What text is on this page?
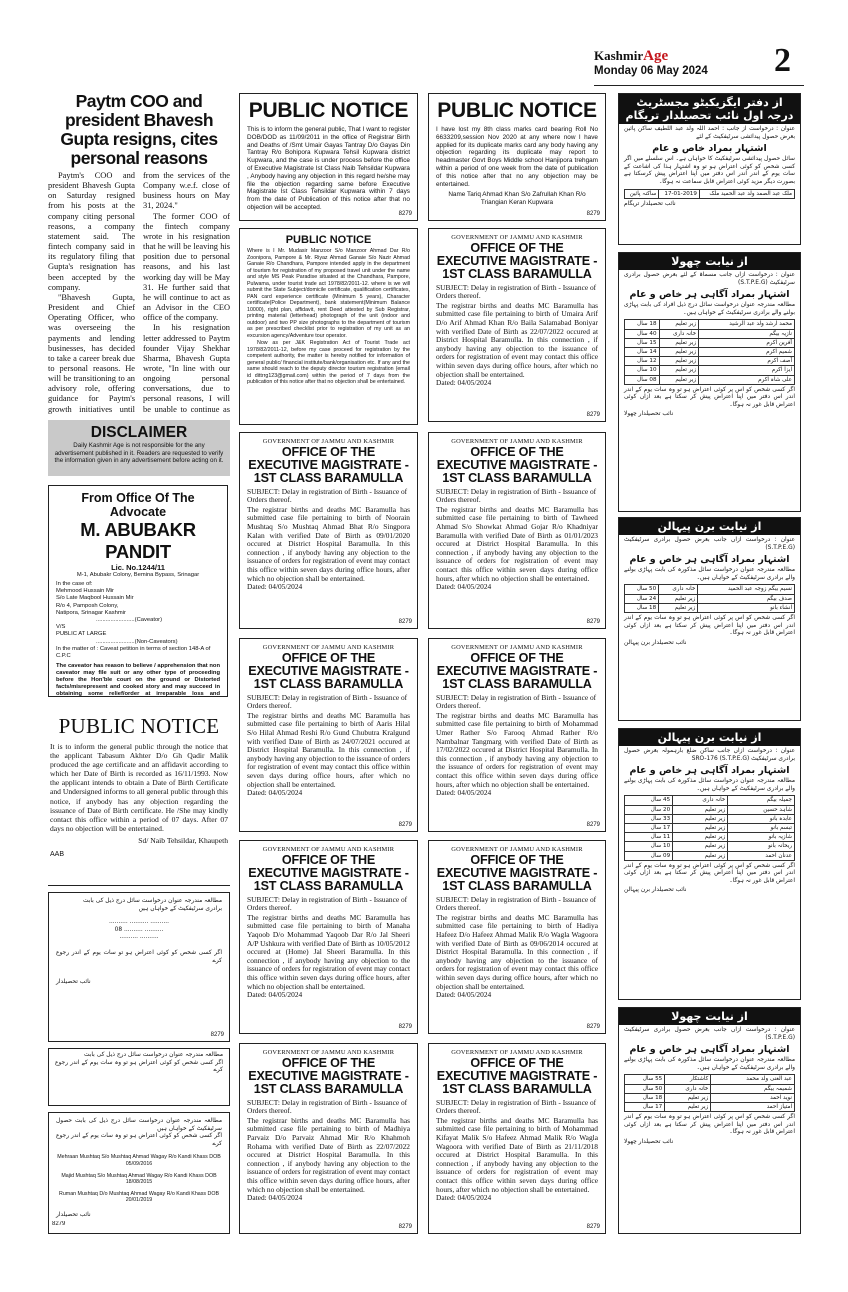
KashmirAge
Monday 06 May 2024	2
Paytm COO and president Bhavesh Gupta resigns, cites personal reasons

Paytm's COO and president Bhavesh Gupta on Saturday resigned from his posts at the company citing personal reasons, a company statement said. The fintech company said in its regulatory filing that Gupta's resignation has been accepted by the company.

"Bhavesh Gupta, President and Chief Operating Officer, who was overseeing the payments and lending businesses, has decided to take a career break due to personal reasons. He will be transitioning to an advisory role, offering guidance for Paytm's growth initiatives until

from the services of the Company w.e.f. close of business hours on May 31, 2024."

The former COO of the fintech company wrote in his resignation that he will be leaving his position due to personal reasons, and his last working day will be May 31. He further said that he will continue to act as an Advisor in the CEO office of the company.

In his resignation letter addressed to Paytm founder Vijay Shekhar Sharma, Bhavesh Gupta wrote, "In line with our ongoing personal conversations, due to personal reasons, I will be unable to continue as

DISCLAIMER

Daily Kashmir Age is not responsible for the any advertisement published in it. Readers are requested to verify the information given in any advertisement before acting on it.

From Office Of The Advocate

M. ABUBAKR PANDIT

Lic. No.1244/11

M-1, Abubakr Colony, Bemina Bypass, Srinagar

In the case of:

Mehmood Hussain Mir

S/o Late Maqbool Hussain Mir

R/o 4, Pamposh Colony,

Natipora, Srinagar Kashmir

........................(Caveator)

V/S

PUBLIC AT LARGE

........................(Non-Caveators)

In the matter of : Caveat petition in terms of section 148-A of C.P.C

The caveator has reason to believe / apprehension that non caveator may file suit or any other type of proceeding before the Hon'ble court on the ground or Distorted facts/misrepresent and cooked story and may succeed in obtaining some relief/order at irreparable loss and

PUBLIC NOTICE

It is to inform the general public through the notice that the applicant Tabasum Akhter D/o Gh Qadir Malik produced the age certificate and an affidavit according to which her Date of Birth is recorded as 16/11/1993. Now the applicant intends to obtain a Date of Birth Certificate and Undersigned informs to all general public through this notice, if anybody has any objection regarding the issuance of Date of Birth certificate. He /She may kindly contact this office within a period of 07 days. After 07 days no objection will be entertained.

Sd/ Naib Tehsildar, Khaupeth

AAB

مطالعہ مندرجہ عنوان درخواست سائل درج ذیل کی بابت

برادری سرٹیفکیٹ کے خواہاں ہیں

.......... .......... ..........

.......... .......... 08

.......... ..........

اگر کسی شخص کو کوئی اعتراض ہو تو سات یوم کے اندر رجوع کرے

نائب تحصیلدار

8279

مطالعہ مندرجہ عنوان درخواست سائل درج ذیل کی بابت حصول سرٹیفکیٹ کے خواہاں ہیں

اگر کسی شخص کو کوئی اعتراض ہو تو وہ سات یوم کے اندر رجوع کرے

Mehraan Mushtaq S/o Mushtaq Ahmad Wagay R/o Kandi Khass DOB 05/09/2016

Majid Mushtaq S/o Mushtaq Ahmad Wagay R/o Kandi Khass DOB 18/08/2015

Ruman Mushtaq D/o Mushtaq Ahmad Wagay R/o Kandi Khass DOB 20/01/2019

نائب تحصیلدار

8279

PUBLIC NOTICE

This is to inform the general public, That I want to register DOB/DOD as 11/09/2011 in the office of Registrar Birth and Deaths of /Smt Umair Gayas Tantray D/o Gayas Din Tantray R/o Bohipora Kupwara Tehsil Kupwara district Kupwara, and the case is under process before the office of Executive Magistrate Ist Class Naib Tehsildar Kupwara , Anybody having any objection in this regard he/she may file the objection regarding same before Executive Magistrate Ist Class Tehsildar Kupwara within 7 days from the date of Publication of this notice after that no objection will be accepted.
8279

PUBLIC NOTICE

I have lost my 8th class marks card bearing Roll No 6633209,session Nov 2020 at any where now I have applied for its duplicate marks card any body having any objection regarding its duplicate may report to headmaster Govt Boys Middle school Hanjipora trehgam within a period of one week from the date of publication of this notice after that no any objection may be entertained.
Name Tariq Ahmad Khan S/o Zafrullah Khan R/o Triangian Keran Kupwara
8279

PUBLIC NOTICE

Where is I Mr. Mudasir Manzoor S/o Manzoor Ahmad Dar R/o Zoonipora, Pampore & Mr. Riyaz Ahmad Ganaie S/o Nazir Ahmad Ganaie R/o Chandhara, Pampore intended apply in the department of tourism for registration of my proposed travel unit under the name and style MS Peak Paradise situated at the Chandhara, Pampore, Pulwama, under tourist trade act 1978/82/2011-12. where is we will submit the State Subject/domicile certificate, qualification certificates, PAN card experience certificate (Minimum 5 years), Character certificate(Police Department), bank statement(Minimum Balance 10000), right plan, affidavit, rent Deed attested by Sub Registrar, printing material (letterhead) photograph of the unit (indoor and outdoor) and two PP size photographs to the department of tourism as per prescribed checklist prior to registration of my unit as an excursion agency/Adventure tour operator.
Now as per J&K Registration Act of Tourist Trade act 1978/82/2011-12, before my case proceed for registration by the competent authority, the matter is hereby notified for information of general public/ financial institute/bank/organisation etc. If any and the same should reach to the deputy director tourism registration (email id dittrrg123@gmail.com) within the period of 7 days from the publication of this notice after that no objection shall be entertained.

GOVERNMENT OF JAMMU AND KASHMIR

OFFICE OF THE EXECUTIVE MAGISTRATE - 1ST CLASS BARAMULLA

SUBJECT: Delay in registration of Birth - Issuance of Orders thereof.

The registrar births and deaths MC Baramulla has submitted case file pertaining to birth of Umaira Arif D/o Arif Ahmad Khan R/o Baila Salamabad Boniyar with verified Date of Birth as 22/07/2022 occured at District Hospital Baramulla. In this connection , if anybody having any objection to the issuance of orders for registration of event may contact this office within seven days during office hours, after which no objection shall be entertained.

Dated: 04/05/2024

8279

GOVERNMENT OF JAMMU AND KASHMIR

OFFICE OF THE EXECUTIVE MAGISTRATE - 1ST CLASS BARAMULLA

SUBJECT: Delay in registration of Birth - Issuance of Orders thereof.

The registrar births and deaths MC Baramulla has submitted case file pertaining to birth of Noorain Mushtaq S/o Mushtaq Ahmad Bhat R/o Singpora Kalan with verified Date of Birth as 09/01/2020 occured at District Hospital Baramulla. In this connection , if anybody having any objection to the issuance of orders for registration of event may contact this office within seven days during office hours, after which no objection shall be entertained.

Dated: 04/05/2024

8279

GOVERNMENT OF JAMMU AND KASHMIR

OFFICE OF THE EXECUTIVE MAGISTRATE - 1ST CLASS BARAMULLA

SUBJECT: Delay in registration of Birth - Issuance of Orders thereof.

The registrar births and deaths MC Baramulla has submitted case file pertaining to birth of Tawheed Ahmad S/o Showkat Ahmad Gojar R/o Khadniyar Baramulla with verified Date of Birth as 01/01/2023 occured at District Hospital Baramulla. In this connection , if anybody having any objection to the issuance of orders for registration of event may contact this office within seven days during office hours, after which no objection shall be entertained.

Dated: 04/05/2024

8279

GOVERNMENT OF JAMMU AND KASHMIR

OFFICE OF THE EXECUTIVE MAGISTRATE - 1ST CLASS BARAMULLA

SUBJECT: Delay in registration of Birth - Issuance of Orders thereof.

The registrar births and deaths MC Baramulla has submitted case file pertaining to birth of Aaris Hilal S/o Hilal Ahmad Reshi R/o Gund Chubutra Kralgund with verified Date of Birth as 24/07/2021 occured at District Hospital Baramulla. In this connection , if anybody having any objection to the issuance of orders for registration of event may contact this office within seven days during office hours, after which no objection shall be entertained.

Dated: 04/05/2024

8279

GOVERNMENT OF JAMMU AND KASHMIR

OFFICE OF THE EXECUTIVE MAGISTRATE - 1ST CLASS BARAMULLA

SUBJECT: Delay in registration of Birth - Issuance of Orders thereof.

The registrar births and deaths MC Baramulla has submitted case file pertaining to birth of Mohammad Umer Rather S/o Farooq Ahmad Rather R/o Nambalnar Tangmarg with verified Date of Birth as 17/02/2022 occured at District Hospital Baramulla. In this connection , if anybody having any objection to the issuance of orders for registration of event may contact this office within seven days during office hours, after which no objection shall be entertained.

Dated: 04/05/2024

8279

GOVERNMENT OF JAMMU AND KASHMIR

OFFICE OF THE EXECUTIVE MAGISTRATE - 1ST CLASS BARAMULLA

SUBJECT: Delay in registration of Birth - Issuance of Orders thereof.

The registrar births and deaths MC Baramulla has submitted case file pertaining to birth of Manaha Yaqoob D/o Mohammad Yaqoob Dar R/o Jal Sheeri A/P Ushkura with verified Date of Birth as 10/05/2012 occured at (Home) Jal Sheeri Baramulla. In this connection , if anybody having any objection to the issuance of orders for registration of event may contact this office within seven days during office hours, after which no objection shall be entertained.

Dated: 04/05/2024

8279

GOVERNMENT OF JAMMU AND KASHMIR

OFFICE OF THE EXECUTIVE MAGISTRATE - 1ST CLASS BARAMULLA

SUBJECT: Delay in registration of Birth - Issuance of Orders thereof.

The registrar births and deaths MC Baramulla has submitted case file pertaining to birth of Hadiya Hafeez D/o Hafeez Ahmad Malik R/o Wagla Wagoora with verified Date of Birth as 09/06/2014 occured at District Hospital Baramulla. In this connection , if anybody having any objection to the issuance of orders for registration of event may contact this office within seven days during office hours, after which no objection shall be entertained.

Dated: 04/05/2024

8279

GOVERNMENT OF JAMMU AND KASHMIR

OFFICE OF THE EXECUTIVE MAGISTRATE - 1ST CLASS BARAMULLA

SUBJECT: Delay in registration of Birth - Issuance of Orders thereof.

The registrar births and deaths MC Baramulla has submitted case file pertaining to birth of Madhiya Parvaiz D/o Parvaiz Ahmad Mir R/o Khahmoh Rohama with verified Date of Birth as 22/07/2022 occured at District Hospital Baramulla. In this connection , if anybody having any objection to the issuance of orders for registration of event may contact this office within seven days during office hours, after which no objection shall be entertained.

Dated: 04/05/2024

8279

GOVERNMENT OF JAMMU AND KASHMIR

OFFICE OF THE EXECUTIVE MAGISTRATE - 1ST CLASS BARAMULLA

SUBJECT: Delay in registration of Birth - Issuance of Orders thereof.

The registrar births and deaths MC Baramulla has submitted case file pertaining to birth of Mohammad Kifayat Malik S/o Hafeez Ahmad Malik R/o Wagla Wagoora with verified Date of Birth as 21/11/2018 occured at District Hospital Baramulla. In this connection , if anybody having any objection to the issuance of orders for registration of event may contact this office within seven days during office hours, after which no objection shall be entertained.

Dated: 04/05/2024

8279
از دفتر ایگزیکیٹو مجسٹریٹ درجہ اول نائب تحصیلدار تریگام

عنوان : درخواست از جانب : احمد اللہ ولد عبد اللطیف ساکن پائین بغرض حصول پیدائشی سرٹیفکیٹ کے لئے

اشتہار بمراد خاص و عام

سائل حصول پیدائشی سرٹیفکیٹ کا خواہاں ہے۔ اس سلسلے میں اگر کسی شخص کو کوئی اعتراض ہو تو وہ اشتہار ہذا کی اشاعت کے سات یوم کے اندر اندر اس دفتر میں اپنا اعتراض پیش کرسکتا ہے بصورت دیگر مزید کوئی اعتراض قابل سماعت نہ ہوگا۔

ملک عبد الصمد ولد عبد الحمید ملک	17-01-2019	ساکنہ پائین

نائب تحصیلدار تریگام

از نیابت چھولا

عنوان : درخواست ازاں جانب مسماۃ کے لئے بغرض حصول برادری سرٹیفکیٹ (S.T.P.E.G)

اشتہار بمراد آگاہی ہر خاص و عام

مطالعہ مندرجہ عنوان درخواست سائل درج ذیل افراد کی بابت پہاڑی بولنے والے برادری سرٹیفکیٹ کے خواہاں ہیں۔

محمد ارشد ولد عبد الرشید	زیر تعلیم	18 سال
نازیہ بیگم	خانہ داری	40 سال
آفرین اکرم	زیر تعلیم	15 سال
شمیم اکرم	زیر تعلیم	14 سال
آصف اکرم	زیر تعلیم	12 سال
ایزا اکرم	زیر تعلیم	10 سال
علی شاہ اکرم	زیر تعلیم	08 سال

اگر کسی شخص کو اس پر کوئی اعتراض ہو تو وہ سات یوم کے اندر اندر اس دفتر میں اپنا اعتراض پیش کر سکتا ہے بعد ازاں کوئی اعتراض قابل غور نہ ہوگا۔

نائب تحصیلدار چھولا

از نیابت برن پیہالن

عنوان : درخواست ازاں جانب بغرض حصول برادری سرٹیفکیٹ (S.T.P.E.G)

اشتہار بمراد آگاہی ہر خاص و عام

مطالعہ مندرجہ عنوان درخواست سائل مذکورہ کی بابت پہاڑی بولنے والے برادری سرٹیفکیٹ کے خواہاں ہیں۔

نسیم بیگم زوجہ عبد الحمید	خانہ داری	50 سال
صدف بیگم	زیر تعلیم	24 سال
انشاء بانو	زیر تعلیم	18 سال

اگر کسی شخص کو اس پر کوئی اعتراض ہو تو وہ سات یوم کے اندر اندر اس دفتر میں اپنا اعتراض پیش کر سکتا ہے بعد ازاں کوئی اعتراض قابل غور نہ ہوگا۔

نائب تحصیلدار برن پیہالن

از نیابت برن پیہالن

عنوان : درخواست ازاں جانب ساکن ضلع بارہمولہ بغرض حصول برادری سرٹیفکیٹ SRO-176 (S.T.P.E.G)

اشتہار بمراد آگاہی ہر خاص و عام

مطالعہ مندرجہ عنوان درخواست سائل مذکورہ کی بابت پہاڑی بولنے والے برادری سرٹیفکیٹ کے خواہاں ہیں۔

جمیلہ بیگم	خانہ داری	45 سال
شاہد حسین	زیر تعلیم	20 سال
عابدہ بانو	زیر تعلیم	33 سال
تبسم بانو	زیر تعلیم	17 سال
شازیہ بانو	زیر تعلیم	11 سال
ریحانہ بانو	زیر تعلیم	10 سال
عدنان احمد	زیر تعلیم	09 سال

اگر کسی شخص کو اس پر کوئی اعتراض ہو تو وہ سات یوم کے اندر اندر اس دفتر میں اپنا اعتراض پیش کر سکتا ہے بعد ازاں کوئی اعتراض قابل غور نہ ہوگا۔

نائب تحصیلدار برن پیہالن

از نیابت چھولا

عنوان : درخواست ازاں جانب بغرض حصول برادری سرٹیفکیٹ (S.T.P.E.G)

اشتہار بمراد آگاہی ہر خاص و عام

مطالعہ مندرجہ عنوان درخواست سائل مذکورہ کی بابت پہاڑی بولنے والے برادری سرٹیفکیٹ کے خواہاں ہیں۔

عبد الغنی ولد محمد	کاشتکار	55 سال
شمیمہ بیگم	خانہ داری	50 سال
نوید احمد	زیر تعلیم	18 سال
امتیاز احمد	زیر تعلیم	17 سال

اگر کسی شخص کو اس پر کوئی اعتراض ہو تو وہ سات یوم کے اندر اندر اس دفتر میں اپنا اعتراض پیش کر سکتا ہے بعد ازاں کوئی اعتراض قابل غور نہ ہوگا۔

نائب تحصیلدار چھولا

مطالعہ مندرجہ عنوان درخواست سائل درج ذیل کی بابت

اگر کسی شخص کو کوئی اعتراض ہو تو وہ سات یوم کے اندر رجوع کرے
